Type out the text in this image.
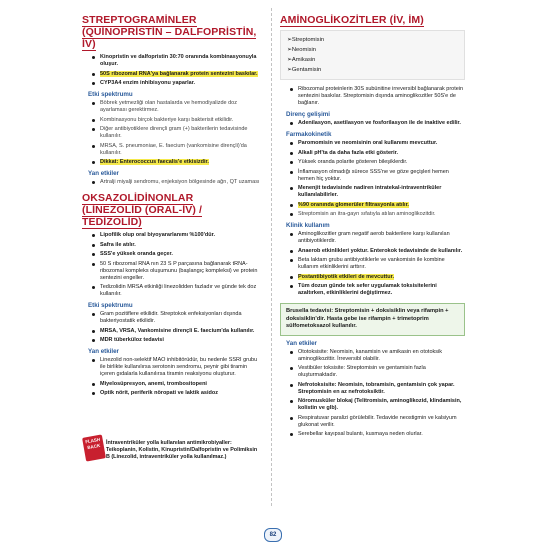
STREPTOGRAMİNLER
(QUİNOPRİSTİN – DALFOPRİSTİN, İV)
Kinopristin ve dalfopristin 30:70 oranında kombinasyonuyla oluşur.
50S ribozomal RNA'ya bağlanarak protein sentezini baskılar.
CYP3A4 enzim inhibisyonu yaparlar.
Etki spektrumu
Böbrek yetmezliği olan hastalarda ve hemodiyalizde doz ayarlaması gerektirmez.
Kombinasyonu birçok bakteriye karşı bakterisit etkilidir.
Diğer antibiyotiklere dirençli gram (+) bakterilerin tedavisinde kullanılır.
MRSA, S. pneumoniae, E. faecium (vankomisine dirençli)'da kullanılır.
Dikkat: Enterococcus faecalis'e etkisizdir.
Yan etkiler
Artralji miyalji sendromu, enjeksiyon bölgesinde ağrı, QT uzaması
OKSAZOLİDİNONLAR
(LİNEZOLİD (ORAL-İV) / TEDİZOLİD)
Lipofilik olup oral biyoyararlanımı %100'dür.
Safra ile atılır.
SSS'e yüksek oranda geçer.
50 S ribozomal RNA nın 23 S P parçasına bağlanarak tRNA-ribozomal kompleks oluşumunu (başlangıç kompleksi) ve protein sentezini engeller.
Tedizolidin MRSA etkinliği linezolidden fazladır ve günde tek doz kullanılır.
Etki spektrumu
Gram pozitiflere etkilidir. Streptokok enfeksiyonları dışında bakteriyostatik etkilidir.
MRSA, VRSA, Vankomisine dirençli E. faecium'da kullanılır.
MDR tüberküloz tedavisi
Yan etkiler
Linezolid non-selektif MAO inhibitörüdür, bu nedenle SSRI grubu ile birlikte kullanılırsa serotonin sendromu, peynir gibi tiramin içeren gıdalarla kullanılırsa tiramin reaksiyonu oluşturur.
Miyelosüpresyon, anemi, trombositopeni
Optik nörit, periferik nöropati ve laktik asidoz
FLASH BACK	İntraventriküler yolla kullanılan antimikrobiyaller: Teikoplanin, Kolistin, Kinupristin/Dalfopristin ve Polimiksin B (Linezolid, intraventriküler yolla kullanılmaz.)
AMİNOGLİKOZİTLER (İV, İM)
➢ Streptomisin
➢ Neomisin
➢ Amikasin
➢ Gentamisin
Ribozomal proteinlerin 30S subünitine irreversibl bağlanarak protein sentezini baskılar. Streptomisin dışında aminoglikozitler 50S'e de bağlanır.
Direnç gelişimi
Adenilasyon, asetilasyon ve fosforilasyon ile de inaktive edilir.
Farmakokinetik
Paromomisin ve neomisinin oral kullanımı mevcuttur.
Alkali pH'ta da daha fazla etki gösterir.
Yüksek oranda polarite gösteren bileşiklerdir.
İnflamasyon olmadığı sürece SSS'ne ve göze geçişleri hemen hemen hiç yoktur.
Menenjit tedavisinde nadiren intratekal-intraventriküler kullanılabilirler.
%90 oranında glomerüler filtrasyonla atılır.
Streptomisin an itra-gayrı sıfatıyla atılan aminoglikozitdir.
Klinik kullanım
Aminoglikozitler gram negatif aerob bakterilere karşı kullanılan antibiyotiklerdir.
Anaerob etkinlikleri yoktur. Enterokok tedavisinde de kullanılır.
Beta laktam grubu antibiyotiklerle ve vankomisin ile kombine kullanım etkinliklerini arttırır.
Postantibiyotik etkileri de mevcuttur.
Tüm dozun günde tek sefer uygulamak toksisitelerini azaltırken, etkinliklerini değiştirmez.
Brusella tedavisi: Streptomisin + doksisiklin veya rifampin + doksisiklin'dir. Hasta gebe ise rifampin + trimetoprim sülfometoksazol kullanılır.
Yan etkiler
Ototoksisite: Neomisin, kanamisin ve amikasin en ototoksik aminoglikozittir. İrreversibl olabilir.
Vestibüler toksisite: Streptomisin ve gentamisin fazla oluşturmaktadır.
Nefrotoksisite: Neomisin, tobramisin, gentamisin çok yapar. Streptomisin en az nefrotoksiktir.
Nöromusküler blokaj (Telitromisin, aminoglikozid, klindamisin, kolistin ve glb).
Respiratuvar paralizi görülebilir. Tedavide neostigmin ve kalsiyum glukonat verilir.
Serebellar kayıpsal bulantı, kusmaya neden olurlar.
82
